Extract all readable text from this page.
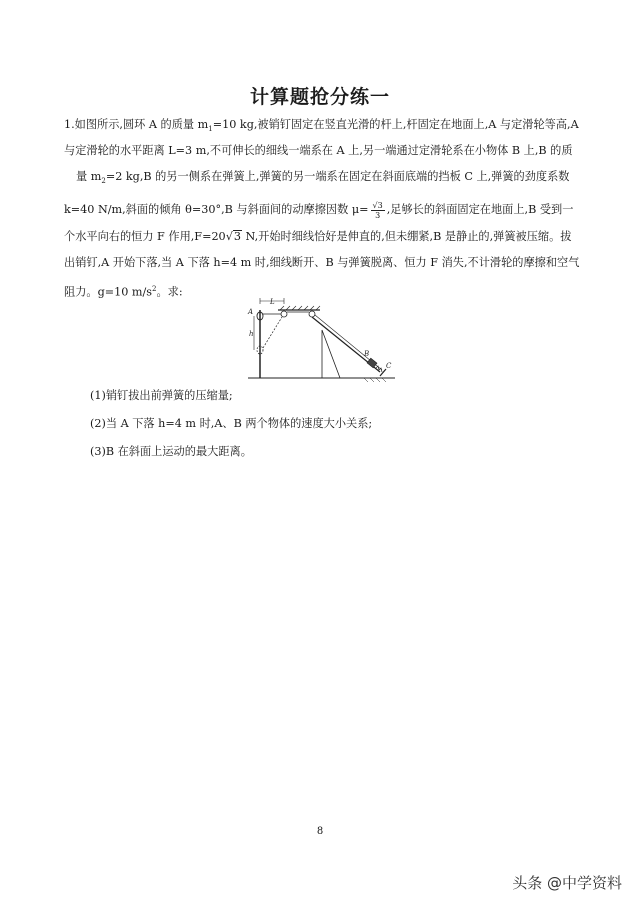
计算题抢分练一
1.如图所示,圆环 A 的质量 $m_1=10$ kg,被销钉固定在竖直光滑的杆上,杆固定在地面上,A 与定滑轮等高,A
与定滑轮的水平距离 L=3 m,不可伸长的细线一端系在 A 上,另一端通过定滑轮系在小物体 B 上,B 的质
量 $m_2=2$ kg,B 的另一侧系在弹簧上,弹簧的另一端系在固定在斜面底端的挡板 C 上,弹簧的劲度系数
k=40 N/m,斜面的倾角 θ=30°,B 与斜面间的动摩擦因数 $\mu= \frac{√3}{3}$ ,足够长的斜面固定在地面上,B 受到一
个水平向右的恒力 F 作用,F=20√3 N,开始时细线恰好是伸直的,但未绷紧,B 是静止的,弹簧被压缩。拔
出销钉,A 开始下落,当 A 下落 h=4 m 时,细线断开、B 与弹簧脱离、恒力 F 消失,不计滑轮的摩擦和空气
阻力。g=10 $m/s^2$。求:
L
A
h
B
C
(1)销钉拔出前弹簧的压缩量;
(2)当 A 下落 h=4 m 时,A、B 两个物体的速度大小关系;
(3)B 在斜面上运动的最大距离。
8
头条 @中学资料
